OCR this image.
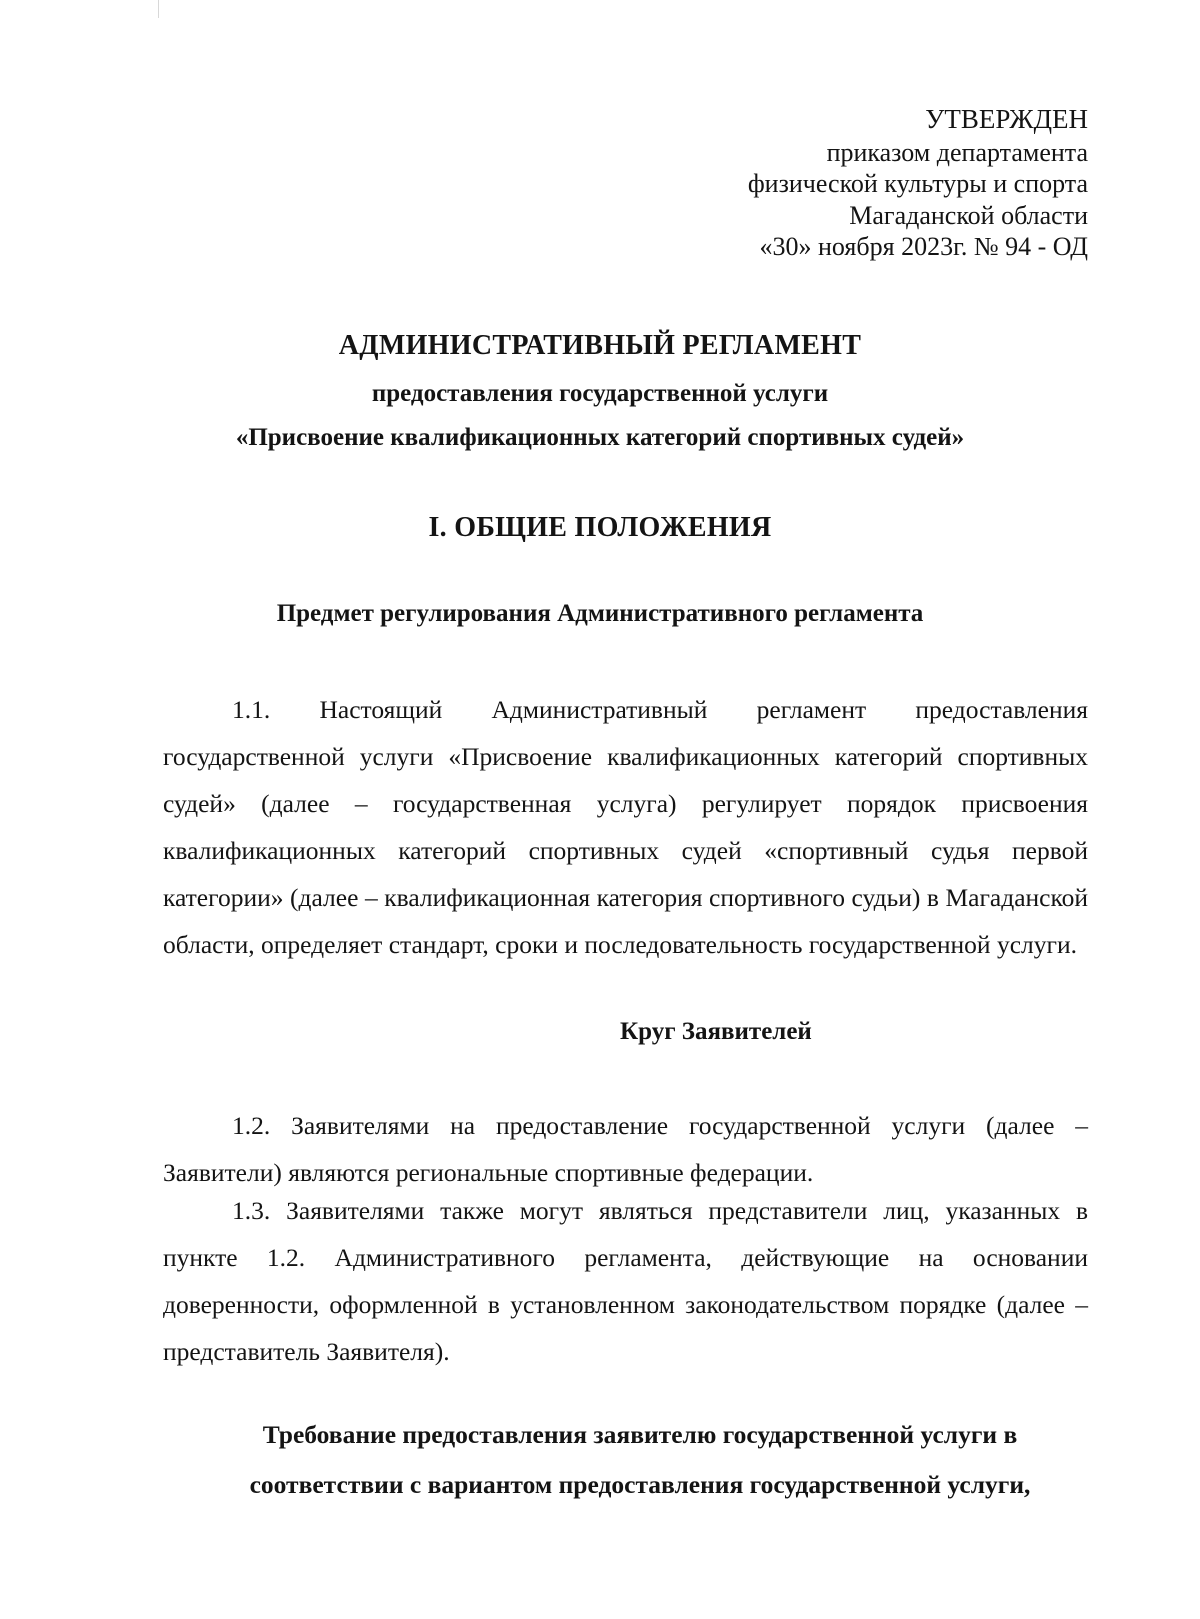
УТВЕРЖДЕН
приказом департамента
физической культуры и спорта
Магаданской области
«30» ноября 2023г. № 94 - ОД
АДМИНИСТРАТИВНЫЙ РЕГЛАМЕНТ
предоставления государственной услуги
«Присвоение квалификационных категорий спортивных судей»
I. ОБЩИЕ ПОЛОЖЕНИЯ
Предмет регулирования Административного регламента

1.1. Настоящий Административный регламент предоставления государственной услуги «Присвоение квалификационных категорий спортивных судей» (далее – государственная услуга) регулирует порядок присвоения квалификационных категорий спортивных судей «спортивный судья первой категории» (далее – квалификационная категория спортивного судьи) в Магаданской области, определяет стандарт, сроки и последовательность государственной услуги.

Круг Заявителей

1.2. Заявителями на предоставление государственной услуги (далее – Заявители) являются региональные спортивные федерации.

1.3. Заявителями также могут являться представители лиц, указанных в пункте 1.2. Административного регламента, действующие на основании доверенности, оформленной в установленном законодательством порядке (далее – представитель Заявителя).

Требование предоставления заявителю государственной услуги в
соответствии с вариантом предоставления государственной услуги,
